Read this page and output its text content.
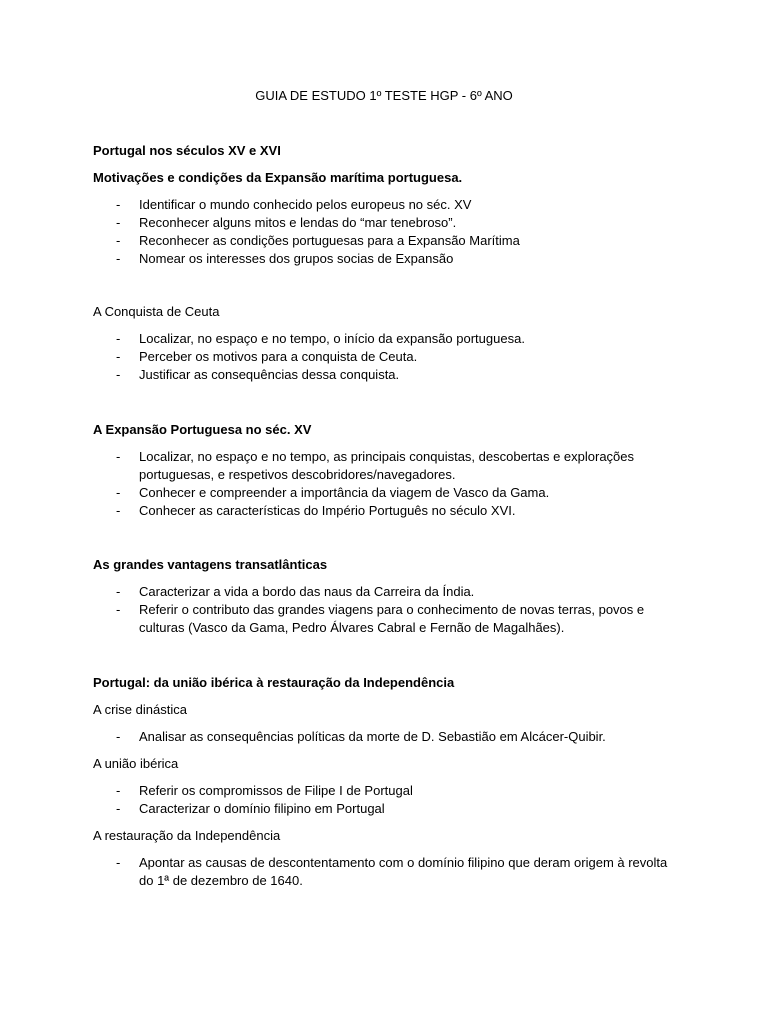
GUIA DE ESTUDO 1º TESTE HGP - 6º ANO
Portugal nos séculos XV e XVI
Motivações e condições da Expansão marítima portuguesa.
- Identificar o mundo conhecido pelos europeus no séc. XV
- Reconhecer alguns mitos e lendas do “mar tenebroso”.
- Reconhecer as condições portuguesas para a Expansão Marítima
- Nomear os interesses dos grupos socias de Expansão
A Conquista de Ceuta
- Localizar, no espaço e no tempo, o início da expansão portuguesa.
- Perceber os motivos para a conquista de Ceuta.
- Justificar as consequências dessa conquista.
A Expansão Portuguesa no séc. XV
- Localizar, no espaço e no tempo, as principais conquistas, descobertas e explorações
portuguesas, e respetivos descobridores/navegadores.
- Conhecer e compreender a importância da viagem de Vasco da Gama.
- Conhecer as características do Império Português no século XVI.
As grandes vantagens transatlânticas
- Caracterizar a vida a bordo das naus da Carreira da Índia.
- Referir o contributo das grandes viagens para o conhecimento de novas terras, povos e
culturas (Vasco da Gama, Pedro Álvares Cabral e Fernão de Magalhães).
Portugal: da união ibérica à restauração da Independência
A crise dinástica
- Analisar as consequências políticas da morte de D. Sebastião em Alcácer-Quibir.
A união ibérica
- Referir os compromissos de Filipe I de Portugal
- Caracterizar o domínio filipino em Portugal
A restauração da Independência
- Apontar as causas de descontentamento com o domínio filipino que deram origem à revolta
do 1ª de dezembro de 1640.
